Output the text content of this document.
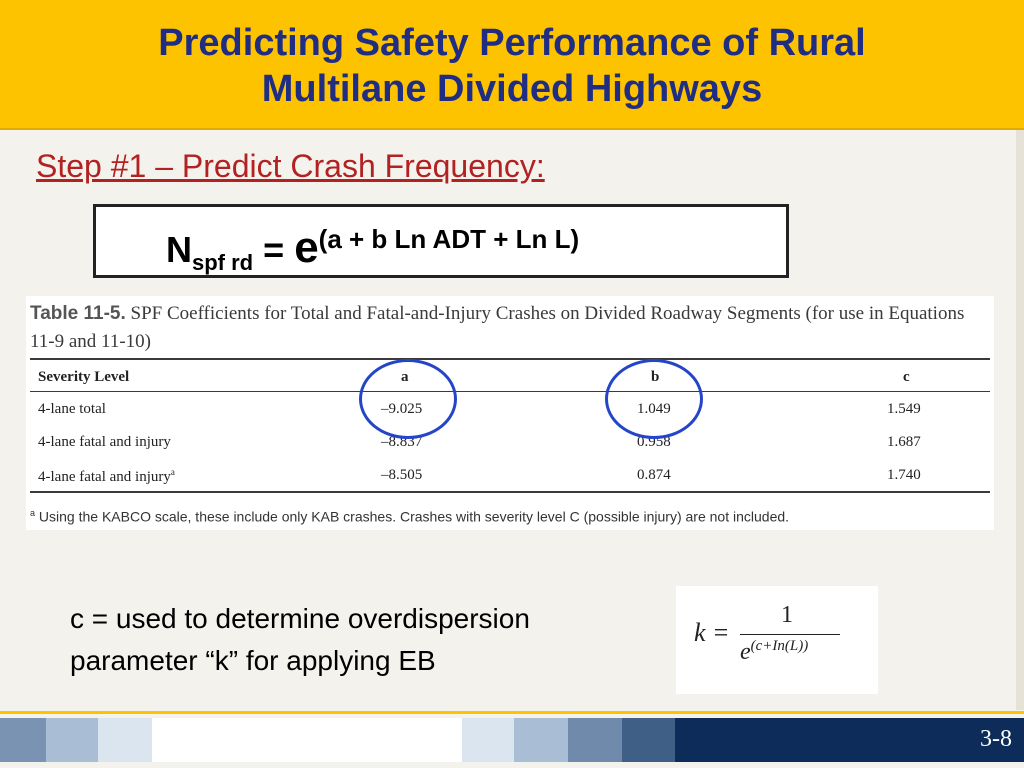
Predicting Safety Performance of Rural
Multilane Divided Highways
Step #1 – Predict Crash Frequency:
$N_{spf rd} = e^{(a + b Ln ADT + Ln L)}$
Table 11-5. SPF Coefficients for Total and Fatal-and-Injury Crashes on Divided Roadway Segments (for use in Equations 11-9 and 11-10)
Severity Level	a	b	c
4-lane total	–9.025	1.049	1.549
4-lane fatal and injury	–8.837	0.958	1.687
4-lane fatal and injury$^a$	–8.505	0.874	1.740
$^a$ Using the KABCO scale, these include only KAB crashes. Crashes with severity level C (possible injury) are not included.
c = used to determine overdispersion
parameter “k” for applying EB
k =
1
$e^{(c+In(L))}$
3-8
